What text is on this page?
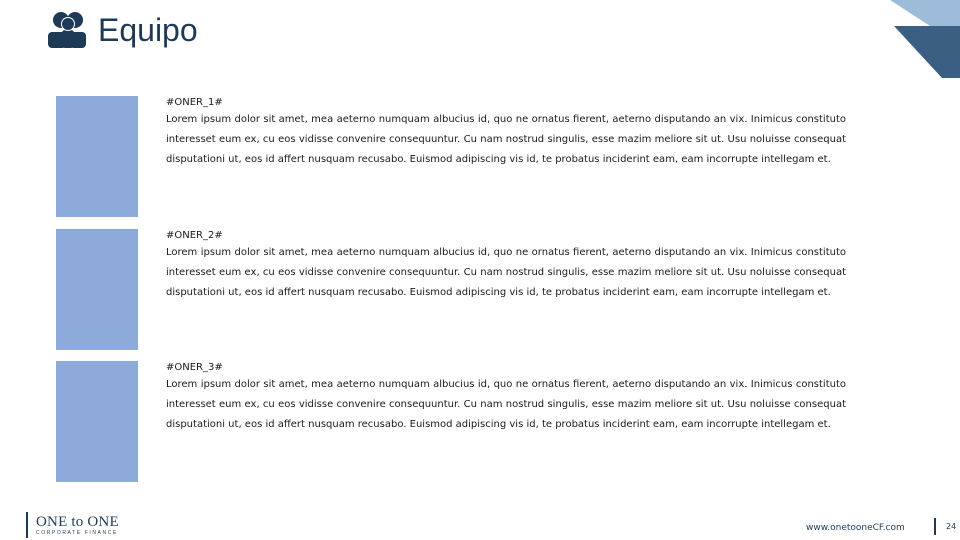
Equipo
#ONER_1#
Lorem ipsum dolor sit amet, mea aeterno numquam albucius id, quo ne ornatus fierent, aeterno disputando an vix. Inimicus constituto interesset eum ex, cu eos vidisse convenire consequuntur. Cu nam nostrud singulis, esse mazim meliore sit ut. Usu noluisse consequat disputationi ut, eos id affert nusquam recusabo. Euismod adipiscing vis id, te probatus inciderint eam, eam incorrupte intellegam et.
#ONER_2#
Lorem ipsum dolor sit amet, mea aeterno numquam albucius id, quo ne ornatus fierent, aeterno disputando an vix. Inimicus constituto interesset eum ex, cu eos vidisse convenire consequuntur. Cu nam nostrud singulis, esse mazim meliore sit ut. Usu noluisse consequat disputationi ut, eos id affert nusquam recusabo. Euismod adipiscing vis id, te probatus inciderint eam, eam incorrupte intellegam et.
#ONER_3#
Lorem ipsum dolor sit amet, mea aeterno numquam albucius id, quo ne ornatus fierent, aeterno disputando an vix. Inimicus constituto interesset eum ex, cu eos vidisse convenire consequuntur. Cu nam nostrud singulis, esse mazim meliore sit ut. Usu noluisse consequat disputationi ut, eos id affert nusquam recusabo. Euismod adipiscing vis id, te probatus inciderint eam, eam incorrupte intellegam et.
ONE to ONE
CORPORATE FINANCE	www.onetooneCF.com	24
